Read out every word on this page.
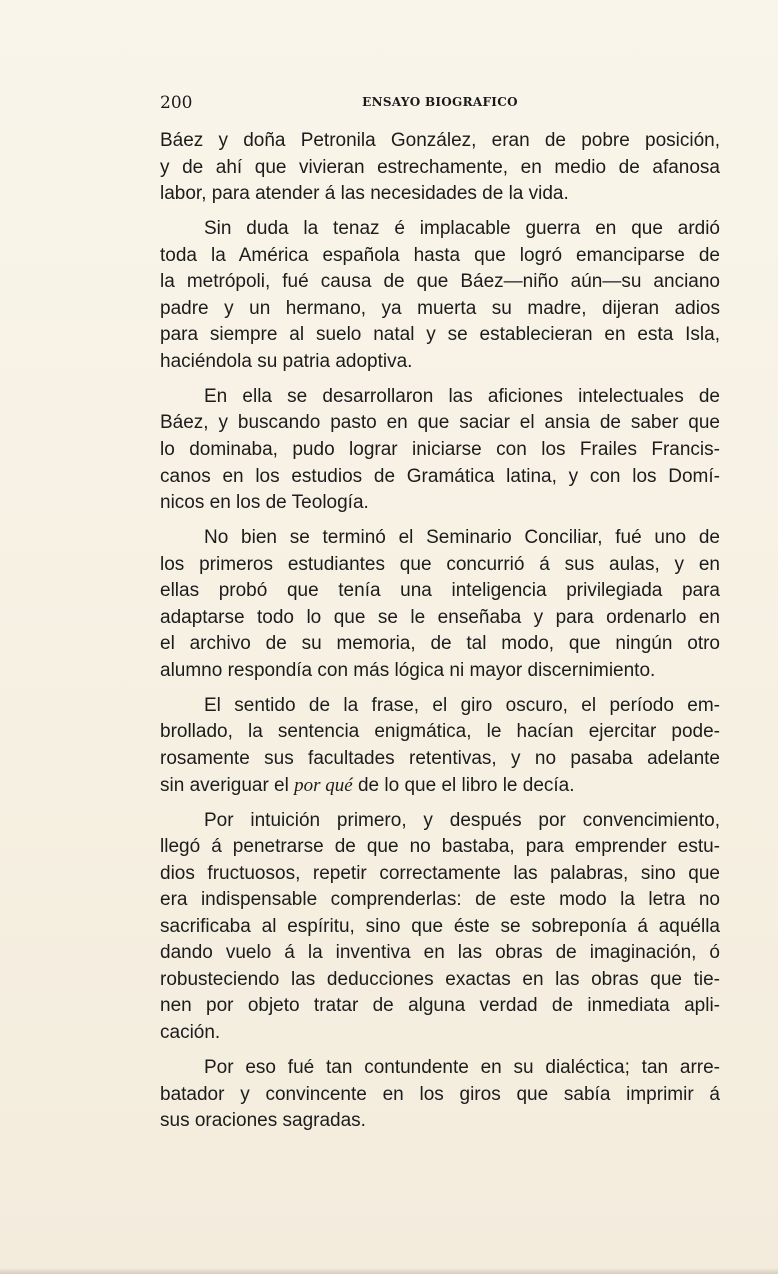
200	ENSAYO BIOGRAFICO
Báez y doña Petronila González, eran de pobre posición,
y de ahí que vivieran estrechamente, en medio de afanosa
labor, para atender á las necesidades de la vida.
Sin duda la tenaz é implacable guerra en que ardió
toda la América española hasta que logró emanciparse de
la metrópoli, fué causa de que Báez—niño aún—su anciano
padre y un hermano, ya muerta su madre, dijeran adios
para siempre al suelo natal y se establecieran en esta Isla,
haciéndola su patria adoptiva.
En ella se desarrollaron las aficiones intelectuales de
Báez, y buscando pasto en que saciar el ansia de saber que
lo dominaba, pudo lograr iniciarse con los Frailes Francis-
canos en los estudios de Gramática latina, y con los Domí-
nicos en los de Teología.
No bien se terminó el Seminario Conciliar, fué uno de
los primeros estudiantes que concurrió á sus aulas, y en
ellas probó que tenía una inteligencia privilegiada para
adaptarse todo lo que se le enseñaba y para ordenarlo en
el archivo de su memoria, de tal modo, que ningún otro
alumno respondía con más lógica ni mayor discernimiento.
El sentido de la frase, el giro oscuro, el período em-
brollado, la sentencia enigmática, le hacían ejercitar pode-
rosamente sus facultades retentivas, y no pasaba adelante
sin averiguar el por qué de lo que el libro le decía.
Por intuición primero, y después por convencimiento,
llegó á penetrarse de que no bastaba, para emprender estu-
dios fructuosos, repetir correctamente las palabras, sino que
era indispensable comprenderlas: de este modo la letra no
sacrificaba al espíritu, sino que éste se sobreponía á aquélla
dando vuelo á la inventiva en las obras de imaginación, ó
robusteciendo las deducciones exactas en las obras que tie-
nen por objeto tratar de alguna verdad de inmediata apli-
cación.
Por eso fué tan contundente en su dialéctica; tan arre-
batador y convincente en los giros que sabía imprimir á
sus oraciones sagradas.
